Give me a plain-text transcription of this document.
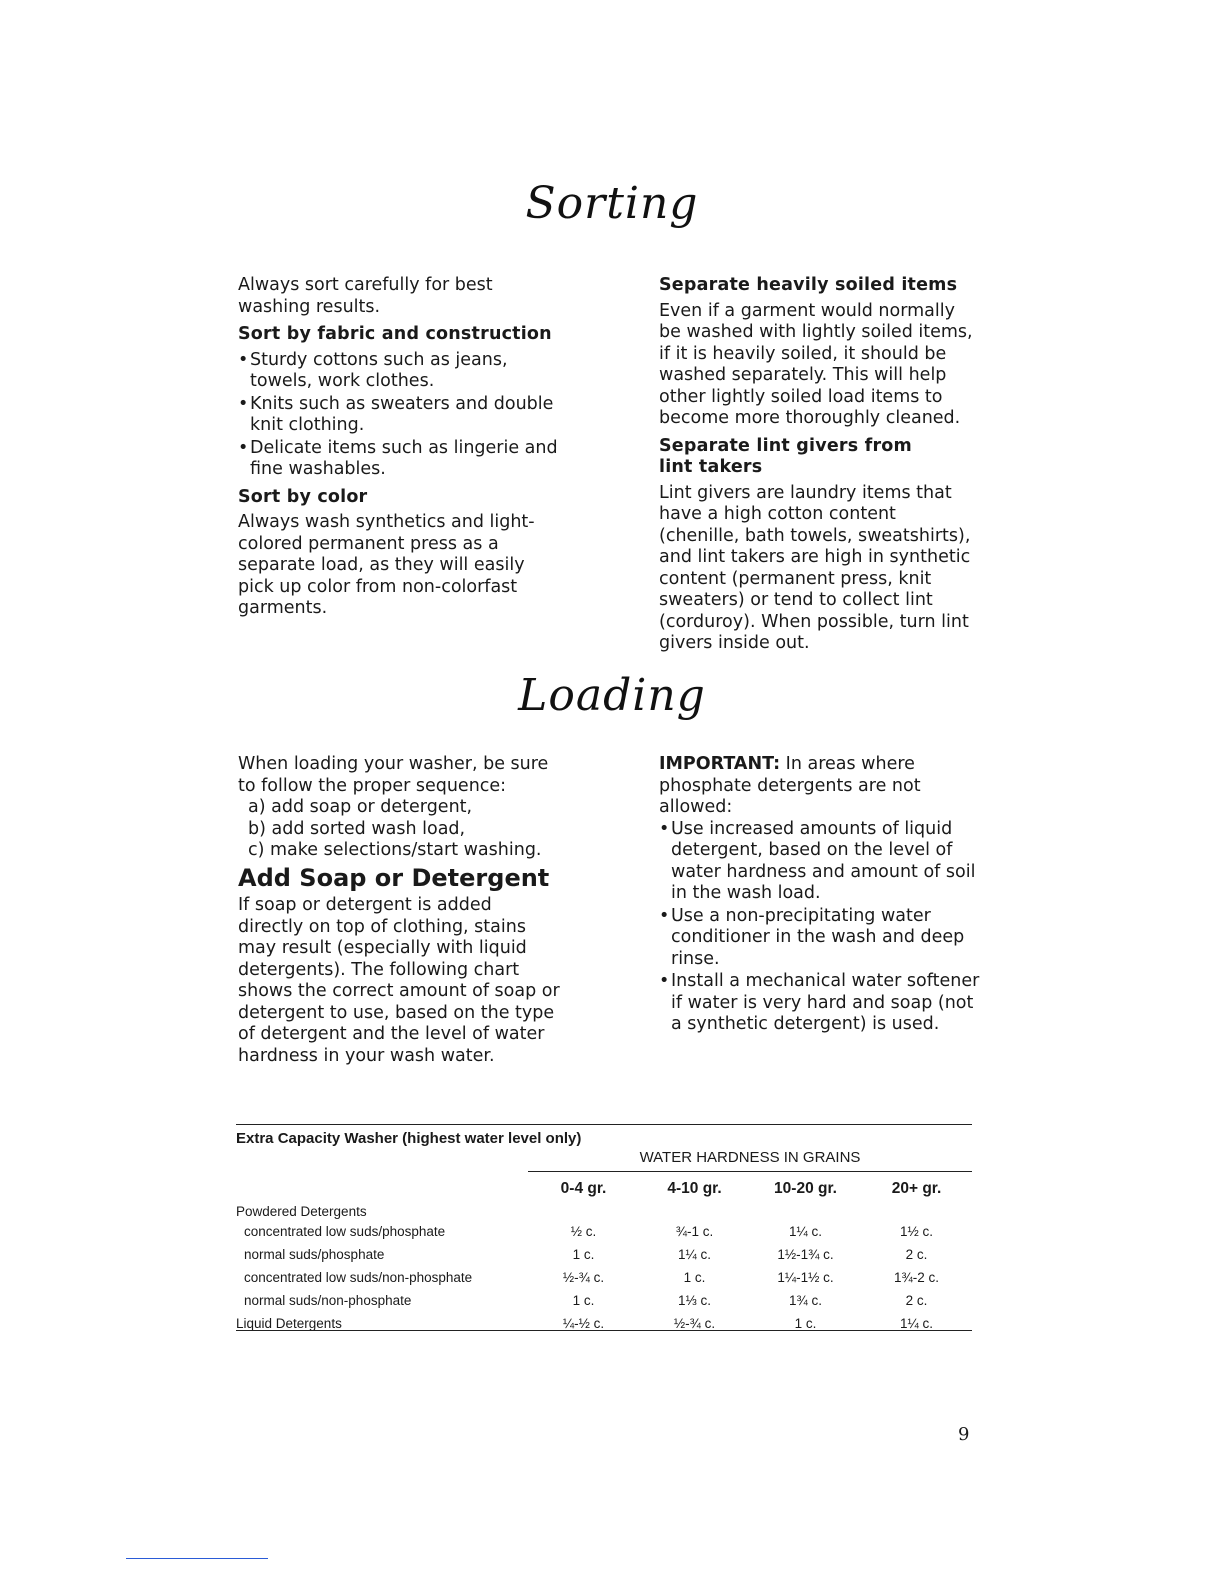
Sorting

Always sort carefully for best washing results.

Sort by fabric and construction
• Sturdy cottons such as jeans, towels, work clothes.
• Knits such as sweaters and double knit clothing.
• Delicate items such as lingerie and fine washables.
Sort by color

Always wash synthetics and light-colored permanent press as a separate load, as they will easily pick up color from non-colorfast garments.

Separate heavily soiled items

Even if a garment would normally be washed with lightly soiled items, if it is heavily soiled, it should be washed separately. This will help other lightly soiled load items to become more thoroughly cleaned.

Separate lint givers from lint takers

Lint givers are laundry items that have a high cotton content (chenille, bath towels, sweatshirts), and lint takers are high in synthetic content (permanent press, knit sweaters) or tend to collect lint (corduroy). When possible, turn lint givers inside out.

Loading

When loading your washer, be sure to follow the proper sequence:

a) add soap or detergent,
b) add sorted wash load,
c) make selections/start washing.
Add Soap or Detergent

If soap or detergent is added directly on top of clothing, stains may result (especially with liquid detergents). The following chart shows the correct amount of soap or detergent to use, based on the type of detergent and the level of water hardness in your wash water.

IMPORTANT: In areas where phosphate detergents are not allowed:

• Use increased amounts of liquid detergent, based on the level of water hardness and amount of soil in the wash load.
• Use a non-precipitating water conditioner in the wash and deep rinse.
• Install a mechanical water softener if water is very hard and soap (not a synthetic detergent) is used.
Extra Capacity Washer (highest water level only)
WATER HARDNESS IN GRAINS
	0-4 gr.	4-10 gr.	10-20 gr.	20+ gr.
Powdered Detergents				
concentrated low suds/phosphate	½ c.	¾-1 c.	1¼ c.	1½ c.
normal suds/phosphate	1 c.	1¼ c.	1½-1¾ c.	2 c.
concentrated low suds/non-phosphate	½-¾ c.	1 c.	1¼-1½ c.	1¾-2 c.
normal suds/non-phosphate	1 c.	1⅓ c.	1¾ c.	2 c.
Liquid Detergents	¼-½ c.	½-¾ c.	1 c.	1¼ c.
9
